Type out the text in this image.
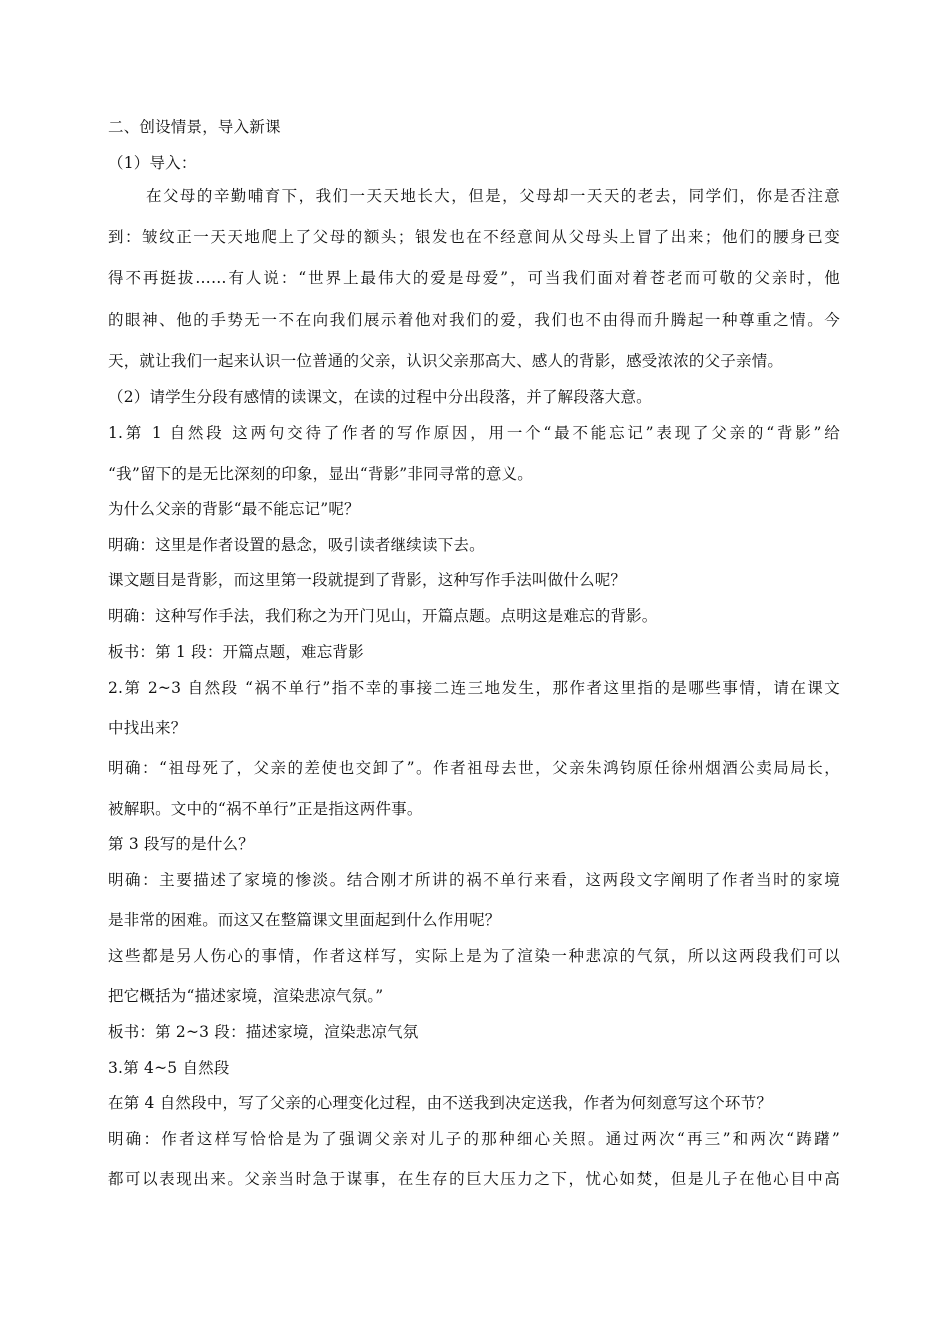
二、创设情景，导入新课
（1）导入：
在父母的辛勤哺育下，我们一天天地长大，但是，父母却一天天的老去，同学们，你是否注意
到：皱纹正一天天地爬上了父母的额头；银发也在不经意间从父母头上冒了出来；他们的腰身已变
得不再挺拔……有人说：“世界上最伟大的爱是母爱”，可当我们面对着苍老而可敬的父亲时，他
的眼神、他的手势无一不在向我们展示着他对我们的爱，我们也不由得而升腾起一种尊重之情。今
天，就让我们一起来认识一位普通的父亲，认识父亲那高大、感人的背影，感受浓浓的父子亲情。
（2）请学生分段有感情的读课文，在读的过程中分出段落，并了解段落大意。
1.第 1 自然段 这两句交待了作者的写作原因，用一个“最不能忘记”表现了父亲的“背影”给
“我”留下的是无比深刻的印象，显出“背影”非同寻常的意义。
为什么父亲的背影“最不能忘记”呢？
明确：这里是作者设置的悬念，吸引读者继续读下去。
课文题目是背影，而这里第一段就提到了背影，这种写作手法叫做什么呢？
明确：这种写作手法，我们称之为开门见山，开篇点题。点明这是难忘的背影。
板书：第 1 段：开篇点题，难忘背影
2.第 2~3 自然段 “祸不单行”指不幸的事接二连三地发生，那作者这里指的是哪些事情，请在课文
中找出来？
明确：“祖母死了，父亲的差使也交卸了”。作者祖母去世，父亲朱鸿钧原任徐州烟酒公卖局局长，
被解职。文中的“祸不单行”正是指这两件事。
第 3 段写的是什么？
明确：主要描述了家境的惨淡。结合刚才所讲的祸不单行来看，这两段文字阐明了作者当时的家境
是非常的困难。而这又在整篇课文里面起到什么作用呢？
这些都是另人伤心的事情，作者这样写，实际上是为了渲染一种悲凉的气氛，所以这两段我们可以
把它概括为“描述家境，渲染悲凉气氛。”
板书：第 2~3 段：描述家境，渲染悲凉气氛
3.第 4~5 自然段
在第 4 自然段中，写了父亲的心理变化过程，由不送我到决定送我，作者为何刻意写这个环节？
明确：作者这样写恰恰是为了强调父亲对儿子的那种细心关照。通过两次“再三”和两次“踌躇”
都可以表现出来。父亲当时急于谋事，在生存的巨大压力之下，忧心如焚，但是儿子在他心目中高
